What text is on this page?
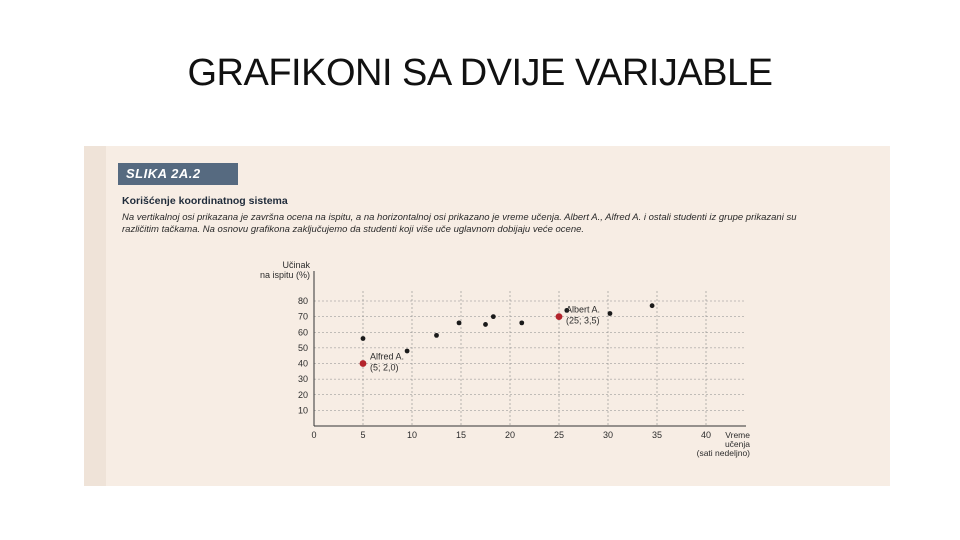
GRAFIKONI SA DVIJE VARIJABLE
SLIKA 2A.2
Korišćenje koordinatnog sistema
Na vertikalnoj osi prikazana je završna ocena na ispitu, a na horizontalnoj osi prikazano je vreme učenja. Albert A., Alfred A. i ostali studenti iz grupe prikazani su različitim tačkama. Na osnovu grafikona zaključujemo da studenti koji više uče uglavnom dobijaju veće ocene.
10
20
30
40
50
60
70
80
0	5	10	15	20	25	30	35	40
Učinak
na ispitu (%)
Vreme
učenja
(sati nedeljno)
Alfred A.
(5; 2,0)
Albert A.
(25; 3,5)
